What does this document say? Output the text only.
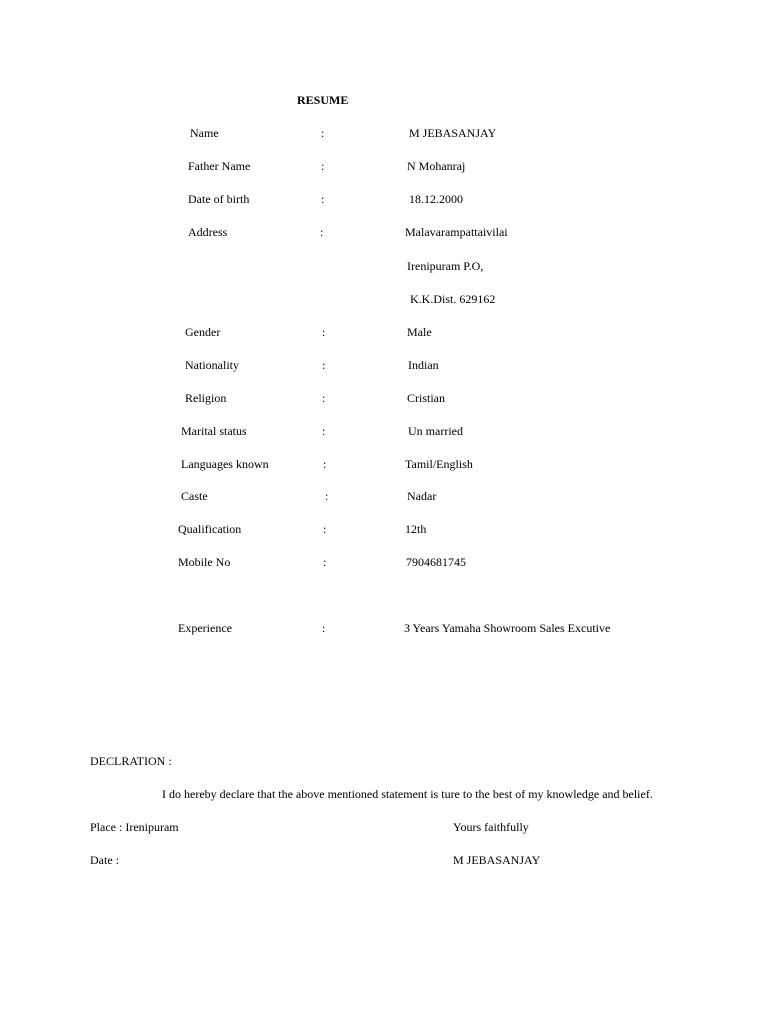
RESUME
Name	:	M JEBASANJAY
Father Name	:	N Mohanraj
Date of birth	:	18.12.2000
Address	:	Malavarampattaivilai
Irenipuram P.O,
K.K.Dist. 629162
Gender	:	Male
Nationality	:	Indian
Religion	:	Cristian
Marital status	:	Un married
Languages known	:	Tamil/English
Caste	:	Nadar
Qualification	:	12th
Mobile No	:	7904681745
Experience	:	3 Years Yamaha Showroom Sales Excutive
DECLRATION :
I do hereby declare that the above mentioned statement is ture to the best of my knowledge and belief.
Place : Irenipuram
Date :
Yours faithfully
M JEBASANJAY
